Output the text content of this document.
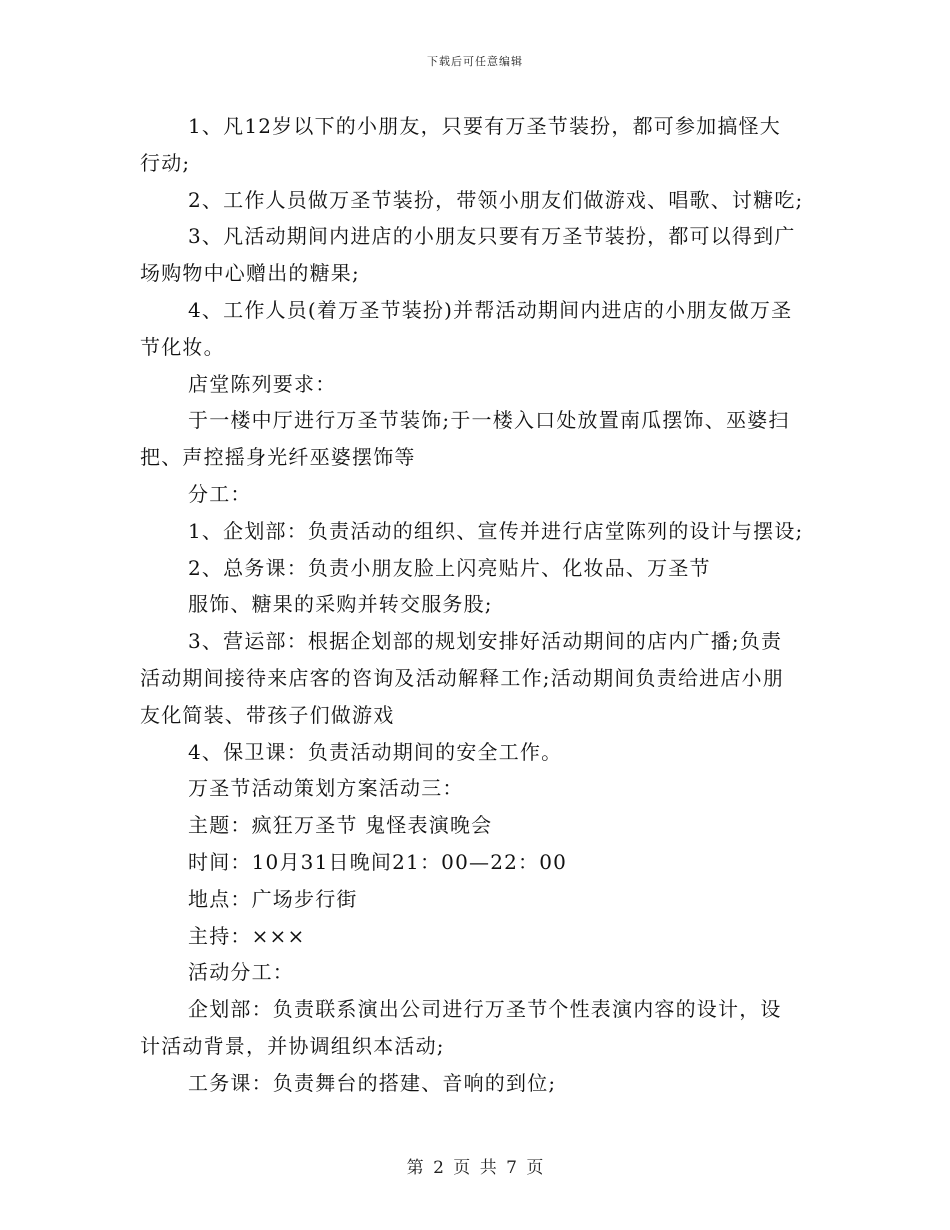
下载后可任意编辑

1、凡12岁以下的小朋友，只要有万圣节装扮，都可参加搞怪大

行动;

2、工作人员做万圣节装扮，带领小朋友们做游戏、唱歌、讨糖吃;

3、凡活动期间内进店的小朋友只要有万圣节装扮，都可以得到广

场购物中心赠出的糖果;

4、工作人员(着万圣节装扮)并帮活动期间内进店的小朋友做万圣

节化妆。

店堂陈列要求：

于一楼中厅进行万圣节装饰;于一楼入口处放置南瓜摆饰、巫婆扫

把、声控摇身光纤巫婆摆饰等

分工：

1、企划部：负责活动的组织、宣传并进行店堂陈列的设计与摆设;

2、总务课：负责小朋友脸上闪亮贴片、化妆品、万圣节

服饰、糖果的采购并转交服务股;

3、营运部：根据企划部的规划安排好活动期间的店内广播;负责

活动期间接待来店客的咨询及活动解释工作;活动期间负责给进店小朋

友化简装、带孩子们做游戏

4、保卫课：负责活动期间的安全工作。

万圣节活动策划方案活动三：

主题：疯狂万圣节 鬼怪表演晚会

时间：10月31日晚间21：00—22：00

地点：广场步行街

主持：×××

活动分工：

企划部：负责联系演出公司进行万圣节个性表演内容的设计，设

计活动背景，并协调组织本活动;

工务课：负责舞台的搭建、音响的到位;

第 2 页 共 7 页
